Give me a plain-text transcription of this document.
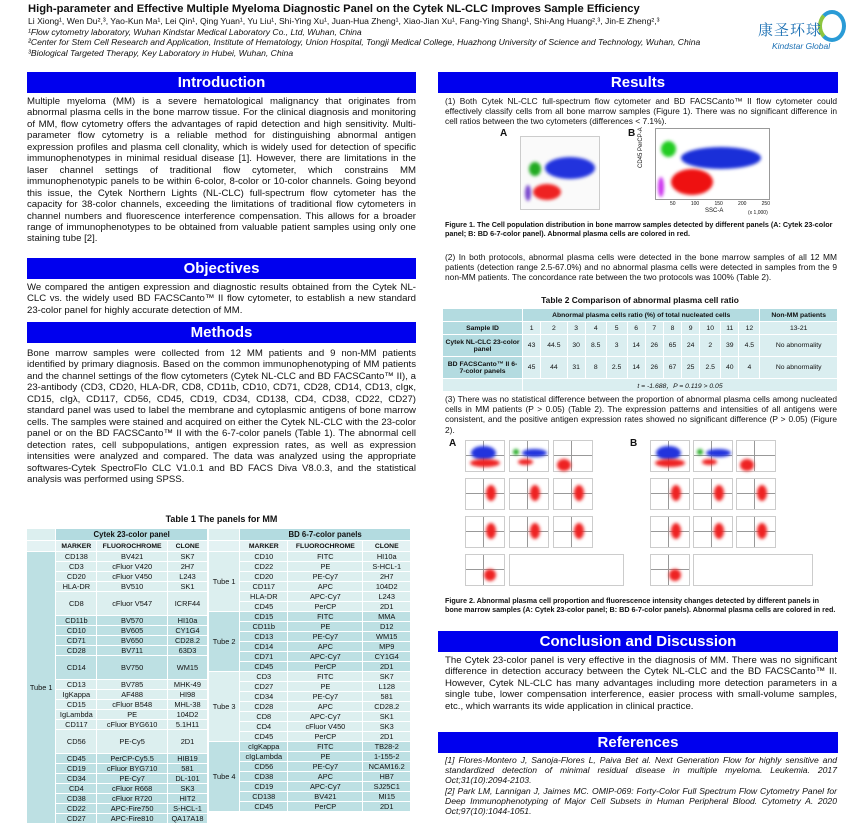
High-parameter and Effective Multiple Myeloma Diagnostic Panel on the Cytek NL-CLC Improves Sample Efficiency
Li Xiong¹, Wen Du²,³, Yao-Kun Ma¹, Lei Qin¹, Qing Yuan¹, Yu Liu¹, Shi-Ying Xu¹, Juan-Hua Zheng¹, Xiao-Jian Xu¹, Fang-Ying Shang¹, Shi-Ang Huang²,³, Jin-E Zheng²,³
¹Flow cytometry laboratory, Wuhan Kindstar Medical Laboratory Co., Ltd, Wuhan, China
²Center for Stem Cell Research and Application, Institute of Hematology, Union Hospital, Tongji Medical College, Huazhong University of Science and Technology, Wuhan, China
³Biological Targeted Therapy, Key Laboratory in Hubei, Wuhan, China
康圣环球
Kindstar Global
Introduction
Multiple myeloma (MM) is a severe hematological malignancy that originates from abnormal plasma cells in the bone marrow tissue. For the clinical diagnosis and monitoring of MM, flow cytometry offers the advantages of rapid detection and high sensitivity. Multi-parameter flow cytometry is a reliable method for distinguishing abnormal antigen expression profiles and plasma cell clonality, which is widely used for detection of specific immunophenotypes in minimal residual disease [1]. However, there are limitations in the laser channel settings of traditional flow cytometer, which constrains MM immunophenotypic panels to be within 6-color, 8-color or 10-color channels. Going beyond this issue, the Cytek Northern Lights (NL-CLC) full-spectrum flow cytometer has the capacity for 38-color channels, exceeding the limitations of traditional flow cytometers in channel numbers and fluorescence interference compensation. This allows for a broader range of immunophenotypes to be obtained from valuable patient samples using only one staining tube [2].
Objectives
We compared the antigen expression and diagnostic results obtained from the Cytek NL-CLC vs. the widely used BD FACSCanto™ II flow cytometer, to establish a new standard 23-color panel for highly accurate detection of MM.
Methods
Bone marrow samples were collected from 12 MM patients and 9 non-MM patients identified by primary diagnosis. Based on the common immunophenotyping of MM patients and the channel settings of the flow cytometers (Cytek NL-CLC and BD FACSCanto™ II), a 23-antibody (CD3, CD20, HLA-DR, CD8, CD11b, CD10, CD71, CD28, CD14, CD13, cIgκ, CD15, cIgλ, CD117, CD56, CD45, CD19, CD34, CD138, CD4, CD38, CD22, CD27) standard panel was used to label the membrane and cytoplasmic antigens of bone marrow cells. The samples were stained and acquired on either the Cytek NL-CLC with the 23-color panel or on the BD FACSCanto™ II with the 6-7-color panels (Table 1). The abnormal cell detection rates, cell subpopulations, antigen expression rates, as well as expression intensities were analyzed and compared. The data was analyzed using the appropriate softwares-Cytek SpectroFlo CLC V1.0.1 and BD FACS Diva V8.0.3, and the statistical analysis was performed using SPSS.
Table 1 The panels for MM
	Cytek 23-color panel		
	MARKER	FLUOROCHROME	CLONE
Tube 1	CD138	BV421	SK7
	CD3	cFluor V420	2H7
	CD20	cFluor V450	L243
	HLA-DR	BV510	SK1
	CD8	cFluor V547	ICRF44
	CD11b	BV570	HI10a
	CD10	BV605	CY1G4
	CD71	BV650	CD28.2
	CD28	BV711	63D3
	CD14	BV750	WM15
	CD13	BV785	MHK-49
	IgKappa	AF488	HI98
	CD15	cFluor B548	MHL-38
	IgLambda	PE	104D2
	CD117	cFluor BYG610	5.1H11
	CD56	PE-Cy5	2D1
	CD45	PerCP-Cy5.5	HIB19
	CD19	cFluor BYG710	581
	CD34	PE-Cy7	DL-101
	CD4	cFluor R668	SK3
	CD38	cFluor R720	HIT2
	CD22	APC-Fire750	S-HCL-1
	CD27	APC-Fire810	QA17A18
	BD 6-7-color panels		
	MARKER	FLUOROCHROME	CLONE
Tube 1	CD10	FITC	HI10a
	CD22	PE	S-HCL-1
	CD20	PE-Cy7	2H7
	CD117	APC	104D2
	HLA-DR	APC-Cy7	L243
	CD45	PerCP	2D1
Tube 2	CD15	FITC	MMA
	CD11b	PE	D12
	CD13	PE-Cy7	WM15
	CD14	APC	MP9
	CD71	APC-Cy7	CY1G4
	CD45	PerCP	2D1
Tube 3	CD3	FITC	SK7
	CD27	PE	L128
	CD34	PE-Cy7	581
	CD28	APC	CD28.2
	CD8	APC-Cy7	SK1
	CD4	cFluor V450	SK3
	CD45	PerCP	2D1
Tube 4	cIgKappa	FITC	TB28-2
	cIgLambda	PE	1-155-2
	CD56	PE-Cy7	NCAM16.2
	CD38	APC	HB7
	CD19	APC-Cy7	SJ25C1
	CD138	BV421	MI15
	CD45	PerCP	2D1
Results
(1) Both Cytek NL-CLC full-spectrum flow cytometer and BD FACSCanto™ II flow cytometer could effectively classify cells from all bone marrow samples (Figure 1). There was no significant difference in cell ratios between the two cytometers (differences < 7.1%).
A	B CD45 PerCP-A
50	100	150	200	250
SSC-A	(x 1,000)
Figure 1. The Cell population distribution in bone marrow samples detected by different panels (A: Cytek 23-color panel; B: BD 6-7-color panel). Abnormal plasma cells are colored in red.
(2) In both protocols, abnormal plasma cells were detected in the bone marrow samples of all 12 MM patients (detection range 2.5-67.0%) and no abnormal plasma cells were detected in samples from the 9 non-MM patients. The concordance rate between the two protocols was 100% (Table 2).
Table 2 Comparison of abnormal plasma cell ratio
	Abnormal plasma cells ratio (%) of total nucleated cells												Non-MM patients
Sample ID	1	2	3	4	5	6	7	8	9	10	11	12	13-21
Cytek NL-CLC 23-color panel	43	44.5	30	8.5	3	14	26	65	24	2	39	4.5	No abnormality
BD FACSCanto™ II 6-7-color panels	45	44	31	8	2.5	14	26	67	25	2.5	40	4	No abnormality
	t = -1.688，P = 0.119 > 0.05												
(3) There was no statistical difference between the proportion of abnormal plasma cells among nucleated cells in MM patients (P > 0.05) (Table 2). The expression patterns and intensities of all antigens were consistent, and the positive antigen expression rates showed no significant difference (P > 0.05) (Figure 2).
A	B
Figure 2. Abnormal plasma cell proportion and fluorescence intensity changes detected by different panels in bone marrow samples (A: Cytek 23-color panel; B: BD 6-7-color panels). Abnormal plasma cells are colored in red.
Conclusion and Discussion
The Cytek 23-color panel is very effective in the diagnosis of MM. There was no significant difference in detection accuracy between the Cytek NL-CLC and the BD FACSCanto™ II. However, Cytek NL-CLC has many advantages including more detection parameters in a single tube, lower compensation interference, easier process with small-volume samples, etc., which warrants its wide application in clinical practice.
References
[1] Flores-Montero J, Sanoja-Flores L, Paiva Bet al. Next Generation Flow for highly sensitive and standardized detection of minimal residual disease in multiple myeloma. Leukemia. 2017 Oct;31(10):2094-2103.
[2] Park LM, Lannigan J, Jaimes MC. OMIP-069: Forty-Color Full Spectrum Flow Cytometry Panel for Deep Immunophenotyping of Major Cell Subsets in Human Peripheral Blood. Cytometry A. 2020 Oct;97(10):1044-1051.
